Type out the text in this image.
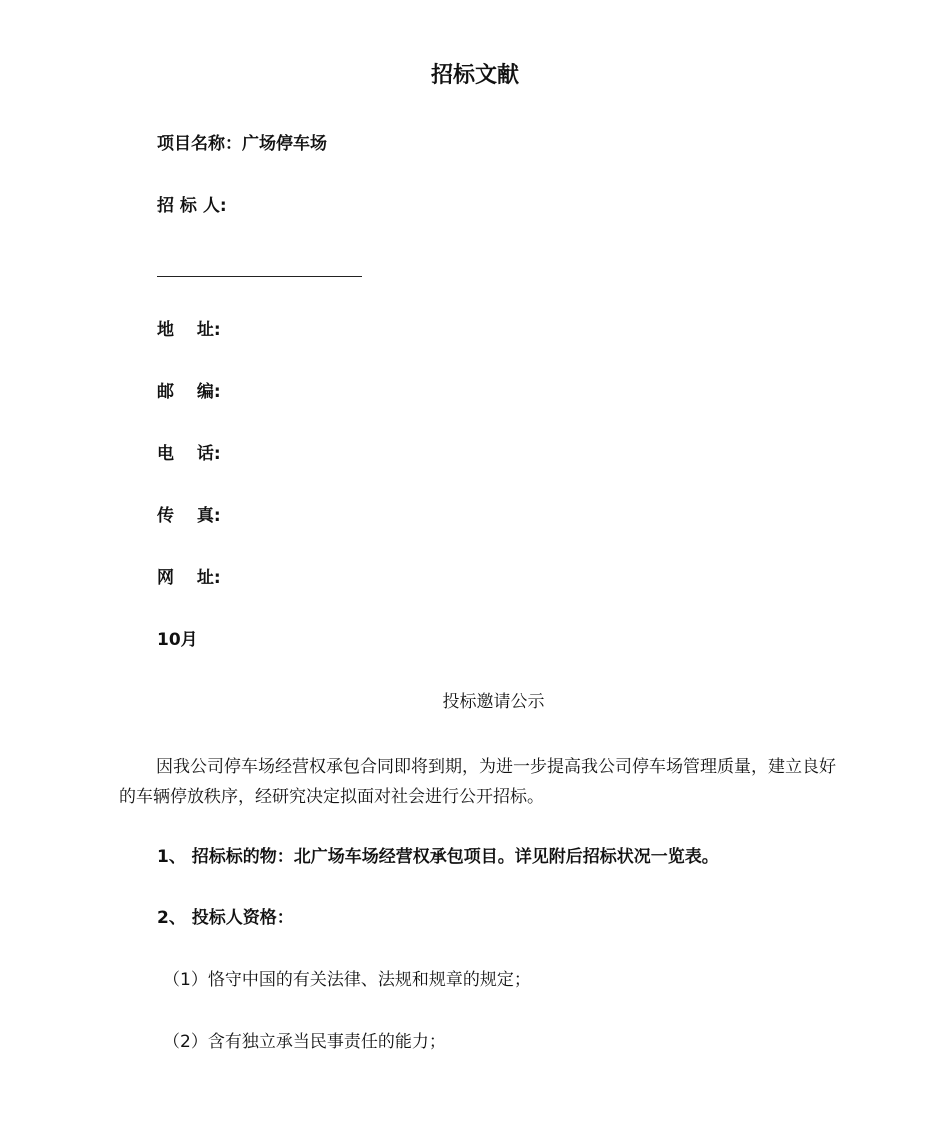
招标文献
项目名称：广场停车场
招 标 人:
地　 址:
邮　 编:
电　 话:
传　 真:
网　 址:
10月
投标邀请公示
因我公司停车场经营权承包合同即将到期，为进一步提高我公司停车场管理质量，建立良好的车辆停放秩序，经研究决定拟面对社会进行公开招标。
1、 招标标的物：北广场车场经营权承包项目。详见附后招标状况一览表。
2、 投标人资格：
（1）恪守中国的有关法律、法规和规章的规定；
（2）含有独立承当民事责任的能力；
